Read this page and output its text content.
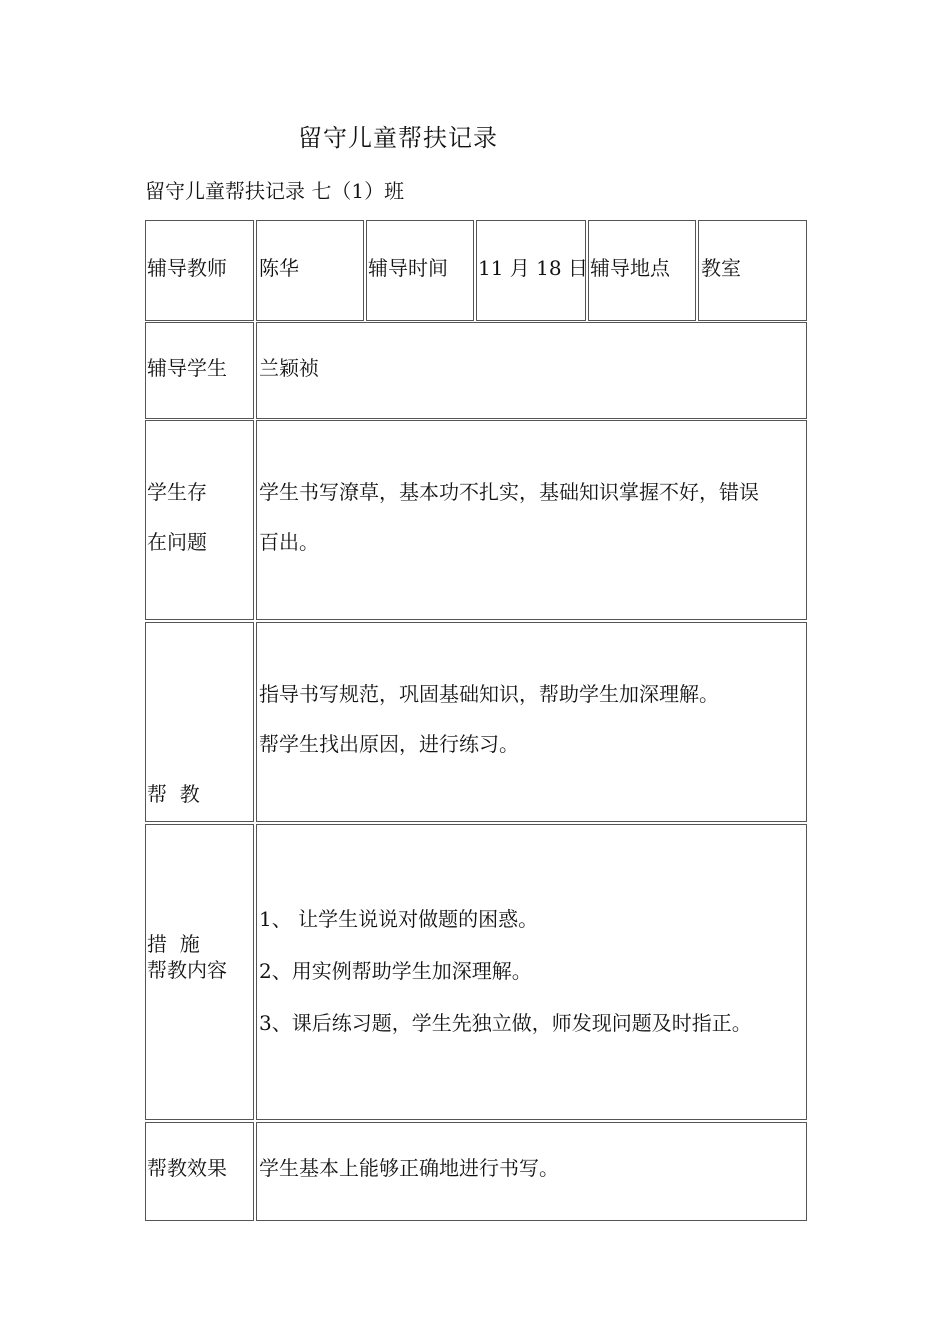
留守儿童帮扶记录
留守儿童帮扶记录 七（1）班
辅导教师 陈华	辅导时间 11 月 18 日 辅导地点 教室
辅导学生 兰颖祯
学生存
在问题
学生书写潦草，基本功不扎实，基础知识掌握不好，错误
百出。

帮  教

措  施

指导书写规范，巩固基础知识，帮助学生加深理解。
帮学生找出原因，进行练习。
帮教内容
1、 让学生说说对做题的困惑。
2、用实例帮助学生加深理解。
3、课后练习题，学生先独立做，师发现问题及时指正。
帮教效果 学生基本上能够正确地进行书写。
